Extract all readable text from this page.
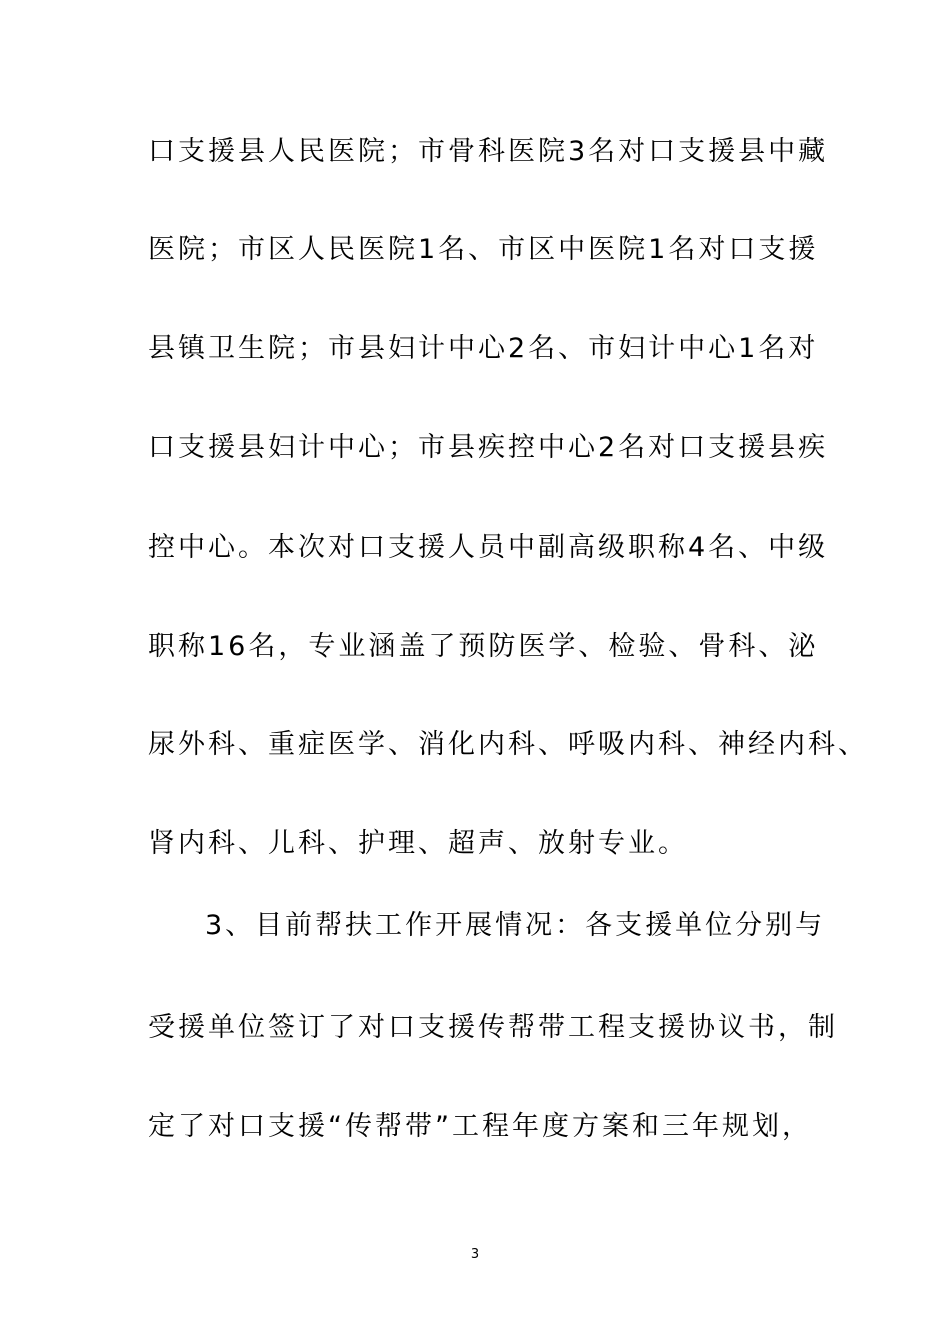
口支援县人民医院；市骨科医院3名对口支援县中藏
医院；市区人民医院1名、市区中医院1名对口支援
县镇卫生院；市县妇计中心2名、市妇计中心1名对
口支援县妇计中心；市县疾控中心2名对口支援县疾
控中心。本次对口支援人员中副高级职称4名、中级
职称16名，专业涵盖了预防医学、检验、骨科、泌
尿外科、重症医学、消化内科、呼吸内科、神经内科、
肾内科、儿科、护理、超声、放射专业。
3、目前帮扶工作开展情况：各支援单位分别与
受援单位签订了对口支援传帮带工程支援协议书，制
定了对口支援“传帮带”工程年度方案和三年规划，
3
